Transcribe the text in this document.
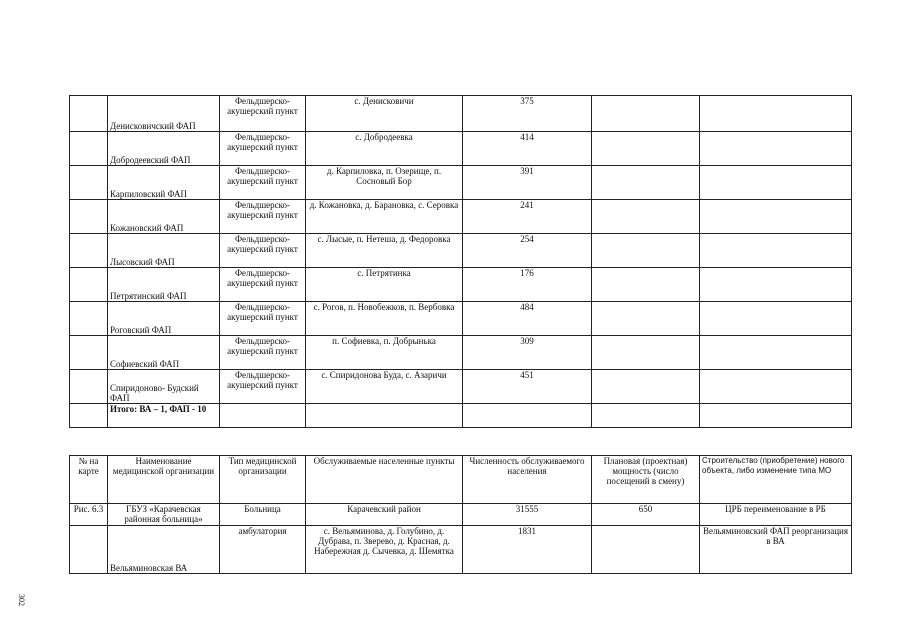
	Денисковичский ФАП	Фельдшерско-акушерский пункт	с. Денисковичи	375		
	Добродеевский ФАП	Фельдшерско-акушерский пункт	с. Добродеевка	414		
	Карпиловский ФАП	Фельдшерско-акушерский пункт	д. Карпиловка, п. Озерище, п. Сосновый Бор	391		
	Кожановский ФАП	Фельдшерско-акушерский пункт	д. Кожановка, д. Барановка, с. Серовка	241		
	Лысовский ФАП	Фельдшерско-акушерский пункт	с. Лысые, п. Нетеша, д. Федоровка	254		
	Петрятинский ФАП	Фельдшерско-акушерский пункт	с. Петрятинка	176		
	Роговский ФАП	Фельдшерско-акушерский пункт	с. Рогов, п. Новобежков, п. Вербовка	484		
	Софиевский ФАП	Фельдшерско-акушерский пункт	п. Софиевка, п. Добрынька	309		
	Спиридоново- Будский ФАП	Фельдшерско-акушерский пункт	с. Спиридонова Буда, с. Азаричи	451		
	Итого: ВА – 1, ФАП - 10					
№ на карте	Наименование медицинской организации	Тип медицинской организации	Обслуживаемые населенные пункты	Численность обслуживаемого населения	Плановая (проектная) мощность (число посещений в смену)	Строительство (приобретение) нового объекта, либо изменение типа МО
Рис. 6.3	ГБУЗ «Карачевская районная больница»	Больница	Карачевский район	31555	650	ЦРБ переименование в РБ
	Вельяминовская ВА	амбулатория	с. Вельяминова, д. Голубино, д. Дубрава, п. Зверево, д. Красная, д. Набережная д. Сычевка, д. Шемятка	1831		Вельяминовский ФАП реорганизация в ВА
302
